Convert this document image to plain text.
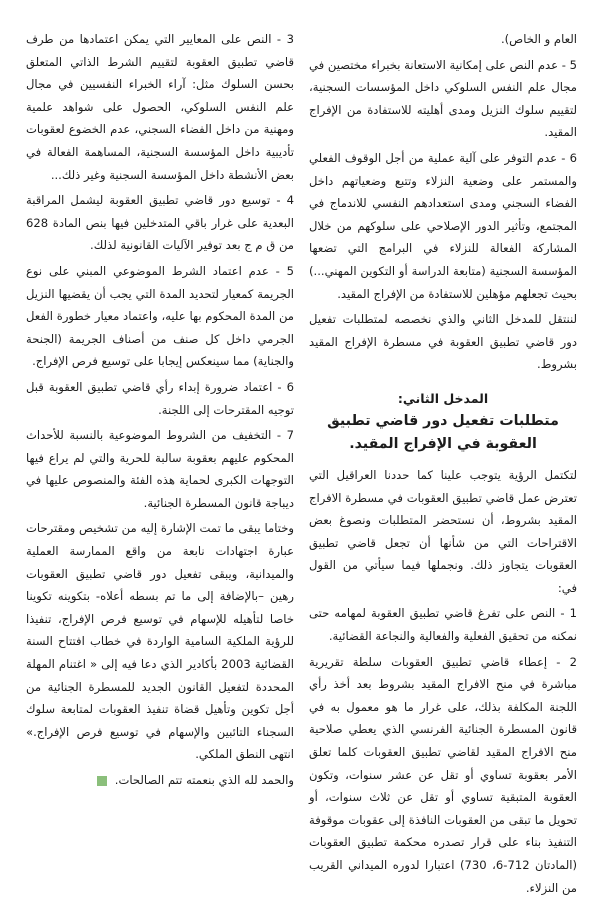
العام و الخاص).

5 - عدم النص على إمكانية الاستعانة بخبراء مختصين في مجال علم النفس السلوكي داخل المؤسسات السجنية، لتقييم سلوك النزيل ومدى أهليته للاستفادة من الإفراج المقيد.

6 - عدم التوفر على آلية عملية من أجل الوقوف الفعلي والمستمر على وضعية النزلاء وتتبع وضعياتهم داخل الفضاء السجني ومدى استعدادهم النفسي للاندماج في المجتمع، وتأثير الدور الإصلاحي على سلوكهم من خلال المشاركة الفعالة للنزلاء في البرامج التي تضعها المؤسسة السجنية (متابعة الدراسة أو التكوين المهني...) بحيث تجعلهم مؤهلين للاستفادة من الإفراج المقيد.

لننتقل للمدخل الثاني والذي نخصصه لمتطلبات تفعيل دور قاضي تطبيق العقوبة في مسطرة الإفراج المقيد بشروط.

المدخل الثاني:
متطلبات تفعيل دور قاضي تطبيق العقوبة في الإفراج المقيد.

لتكتمل الرؤية يتوجب علينا كما حددنا العراقيل التي تعترض عمل قاضي تطبيق العقوبات في مسطرة الافراج المقيد بشروط، أن نستحضر المتطلبات ونصوغ بعض الاقتراحات التي من شأنها أن تجعل قاضي تطبيق العقوبات يتجاوز ذلك. ونجملها فيما سيأتي من القول في:

1 - النص على تفرغ قاضي تطبيق العقوبة لمهامه حتى نمكنه من تحقيق الفعلية والفعالية والنجاعة القضائية.

2 - إعطاء قاضي تطبيق العقوبات سلطة تقريرية مباشرة في منح الافراج المقيد بشروط بعد أخذ رأي اللجنة المكلفة بذلك، على غرار ما هو معمول به في قانون المسطرة الجنائية الفرنسي الذي يعطي صلاحية منح الافراج المقيد لقاضي تطبيق العقوبات كلما تعلق الأمر بعقوبة تساوي أو تقل عن عشر سنوات، وتكون العقوبة المتبقية تساوي أو تقل عن ثلاث سنوات، أو تحويل ما تبقى من العقوبات النافذة إلى عقوبات موقوفة التنفيذ بناء على قرار تصدره محكمة تطبيق العقوبات (المادتان 712-6، 730) اعتبارا لدوره الميداني القريب من النزلاء.

3 - النص على المعايير التي يمكن اعتمادها من طرف قاضي تطبيق العقوبة لتقييم الشرط الذاتي المتعلق بحسن السلوك مثل: آراء الخبراء النفسيين في مجال علم النفس السلوكي، الحصول على شواهد علمية ومهنية من داخل الفضاء السجني، عدم الخضوع لعقوبات تأديبية داخل المؤسسة السجنية، المساهمة الفعالة في بعض الأنشطة داخل المؤسسة السجنية وغير ذلك...

4 - توسيع دور قاضي تطبيق العقوبة ليشمل المراقبة البعدية على غرار باقي المتدخلين فيها بنص المادة 628 من ق م ج بعد توفير الآليات القانونية لذلك.

5 - عدم اعتماد الشرط الموضوعي المبني على نوع الجريمة كمعيار لتحديد المدة التي يجب أن يقضيها النزيل من المدة المحكوم بها عليه، واعتماد معيار خطورة الفعل الجرمي داخل كل صنف من أصناف الجريمة (الجنحة والجناية) مما سينعكس إيجابا على توسيع فرص الإفراج.

6 - اعتماد ضرورة إبداء رأي قاضي تطبيق العقوبة قبل توجيه المقترحات إلى اللجنة.

7 - التخفيف من الشروط الموضوعية بالنسبة للأحداث المحكوم عليهم بعقوبة سالبة للحرية والتي لم يراع فيها التوجهات الكبرى لحماية هذه الفئة والمنصوص عليها في ديباجة قانون المسطرة الجنائية.

وختاما يبقى ما تمت الإشارة إليه من تشخيص ومقترحات عبارة اجتهادات نابعة من واقع الممارسة العملية والميدانية، ويبقى تفعيل دور قاضي تطبيق العقوبات رهين –بالإضافة إلى ما تم بسطه أعلاه- بتكوينه تكوينا خاصا لتأهيله للإسهام في توسيع فرص الإفراج، تنفيذا للرؤية الملكية السامية الواردة في خطاب افتتاح السنة القضائية 2003 بأكادير الذي دعا فيه إلى « اغتنام المهلة المحددة لتفعيل القانون الجديد للمسطرة الجنائية من أجل تكوين وتأهيل قضاة تنفيذ العقوبات لمتابعة سلوك السجناء التائبين والإسهام في توسيع فرص الإفراج.» انتهى النطق الملكي.

والحمد لله الذي بنعمته تتم الصالحات.
